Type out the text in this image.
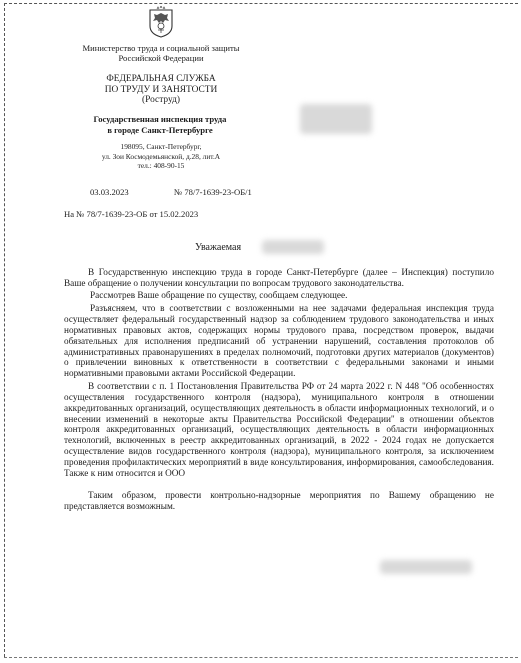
Министерство труда и социальной защиты
Российской Федерации
ФЕДЕРАЛЬНАЯ СЛУЖБА
ПО ТРУДУ И ЗАНЯТОСТИ
(Роструд)
Государственная инспекция труда
в городе Санкт-Петербурге
198095, Санкт-Петербург,
ул. Зои Космодемьянской, д.28, лит.А
тел.: 408-90-15
03.03.2023	№ 78/7-1639-23-ОБ/1
На № 78/7-1639-23-ОБ от 15.02.2023
Уважаемая

В Государственную инспекцию труда в городе Санкт-Петербурге (далее – Инспекция) поступило Ваше обращение о получении консультации по вопросам трудового законодательства.

Рассмотрев Ваше обращение по существу, сообщаем следующее.

Разъясняем, что в соответствии с возложенными на нее задачами федеральная инспекция труда осуществляет федеральный государственный надзор за соблюдением трудового законодательства и иных нормативных правовых актов, содержащих нормы трудового права, посредством проверок, выдачи обязательных для исполнения предписаний об устранении нарушений, составления протоколов об административных правонарушениях в пределах полномочий, подготовки других материалов (документов) о привлечении виновных к ответственности в соответствии с федеральными законами и иными нормативными правовыми актами Российской Федерации.

В соответствии с п. 1 Постановления Правительства РФ от 24 марта 2022 г. N 448 "Об особенностях осуществления государственного контроля (надзора), муниципального контроля в отношении аккредитованных организаций, осуществляющих деятельность в области информационных технологий, и о внесении изменений в некоторые акты Правительства Российской Федерации" в отношении объектов контроля аккредитованных организаций, осуществляющих деятельность в области информационных технологий, включенных в реестр аккредитованных организаций, в 2022 - 2024 годах не допускается осуществление видов государственного контроля (надзора), муниципального контроля, за исключением проведения профилактических мероприятий в виде консультирования, информирования, самообследования. Также к ним относится и ООО

Таким образом, провести контрольно-надзорные мероприятия по Вашему обращению не представляется возможным.
